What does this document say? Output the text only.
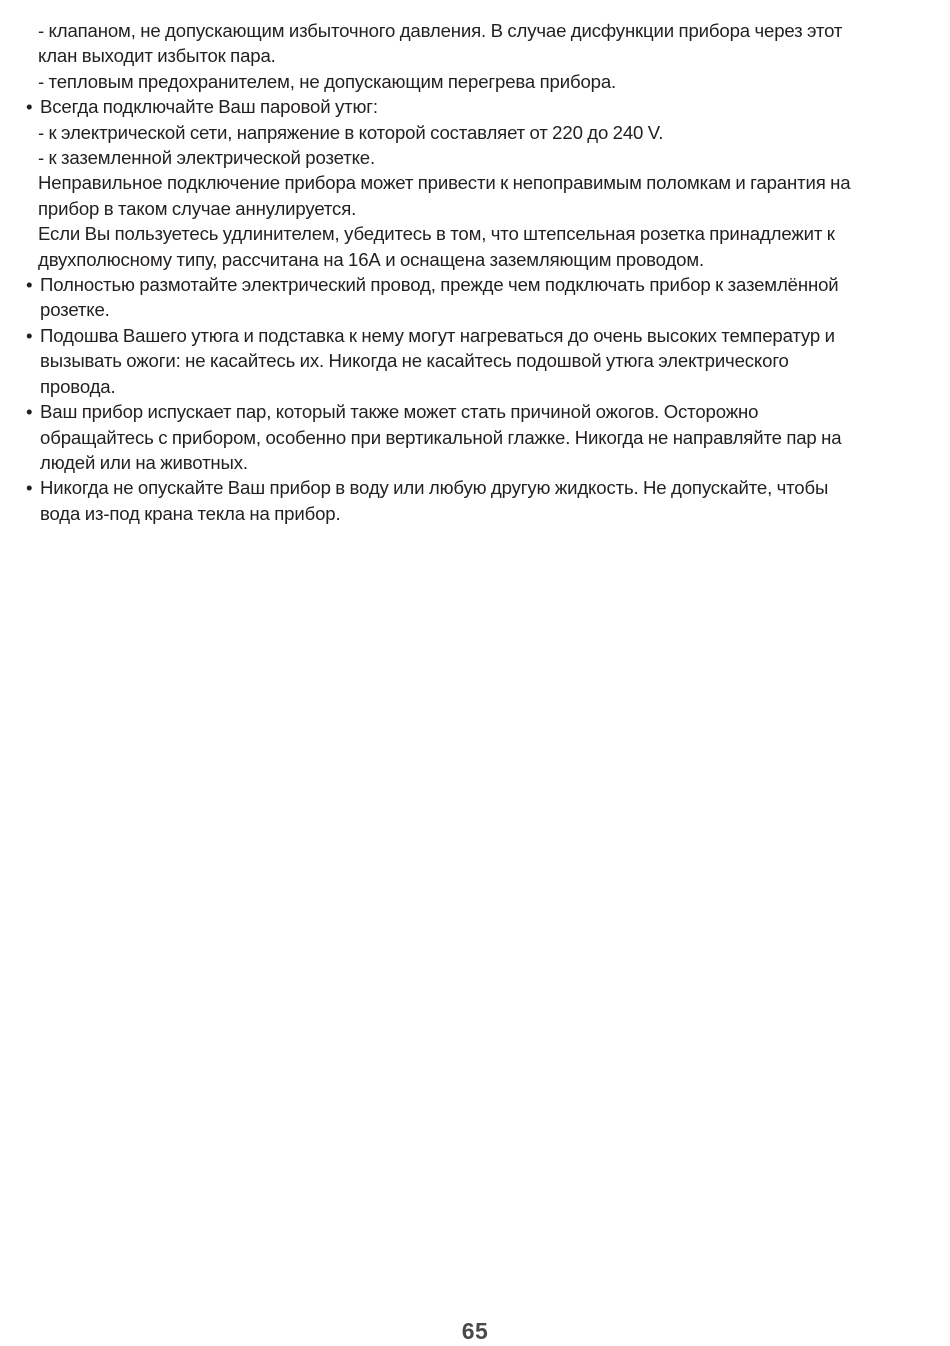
- клапаном, не допускающим избыточного давления. В случае дисфункции прибора через этот
клан выходит избыток пара.
- тепловым предохранителем, не допускающим перегрева прибора.
• Всегда подключайте Ваш паровой утюг:
- к электрической сети, напряжение в которой составляет от 220 до 240 V.
- к заземленной электрической розетке.
Неправильное подключение прибора может привести к непоправимым поломкам и гарантия на
прибор в таком случае аннулируется.
Если Вы пользуетесь удлинителем, убедитесь в том, что штепсельная розетка принадлежит к
двухполюсному типу, рассчитана на 16А и оснащена заземляющим проводом.
• Полностью размотайте электрический провод, прежде чем подключать прибор к заземлённой
розетке.
• Подошва Вашего утюга и подставка к нему могут нагреваться до очень высоких температур и
вызывать ожоги: не касайтесь их. Никогда не касайтесь подошвой утюга электрического
провода.
• Ваш прибор испускает пар, который также может стать причиной ожогов. Осторожно
обращайтесь с прибором, особенно при вертикальной глажке. Никогда не направляйте пар на
людей или на животных.
• Никогда не опускайте Ваш прибор в воду или любую другую жидкость. Не допускайте, чтобы
вода из-под крана текла на прибор.
65
